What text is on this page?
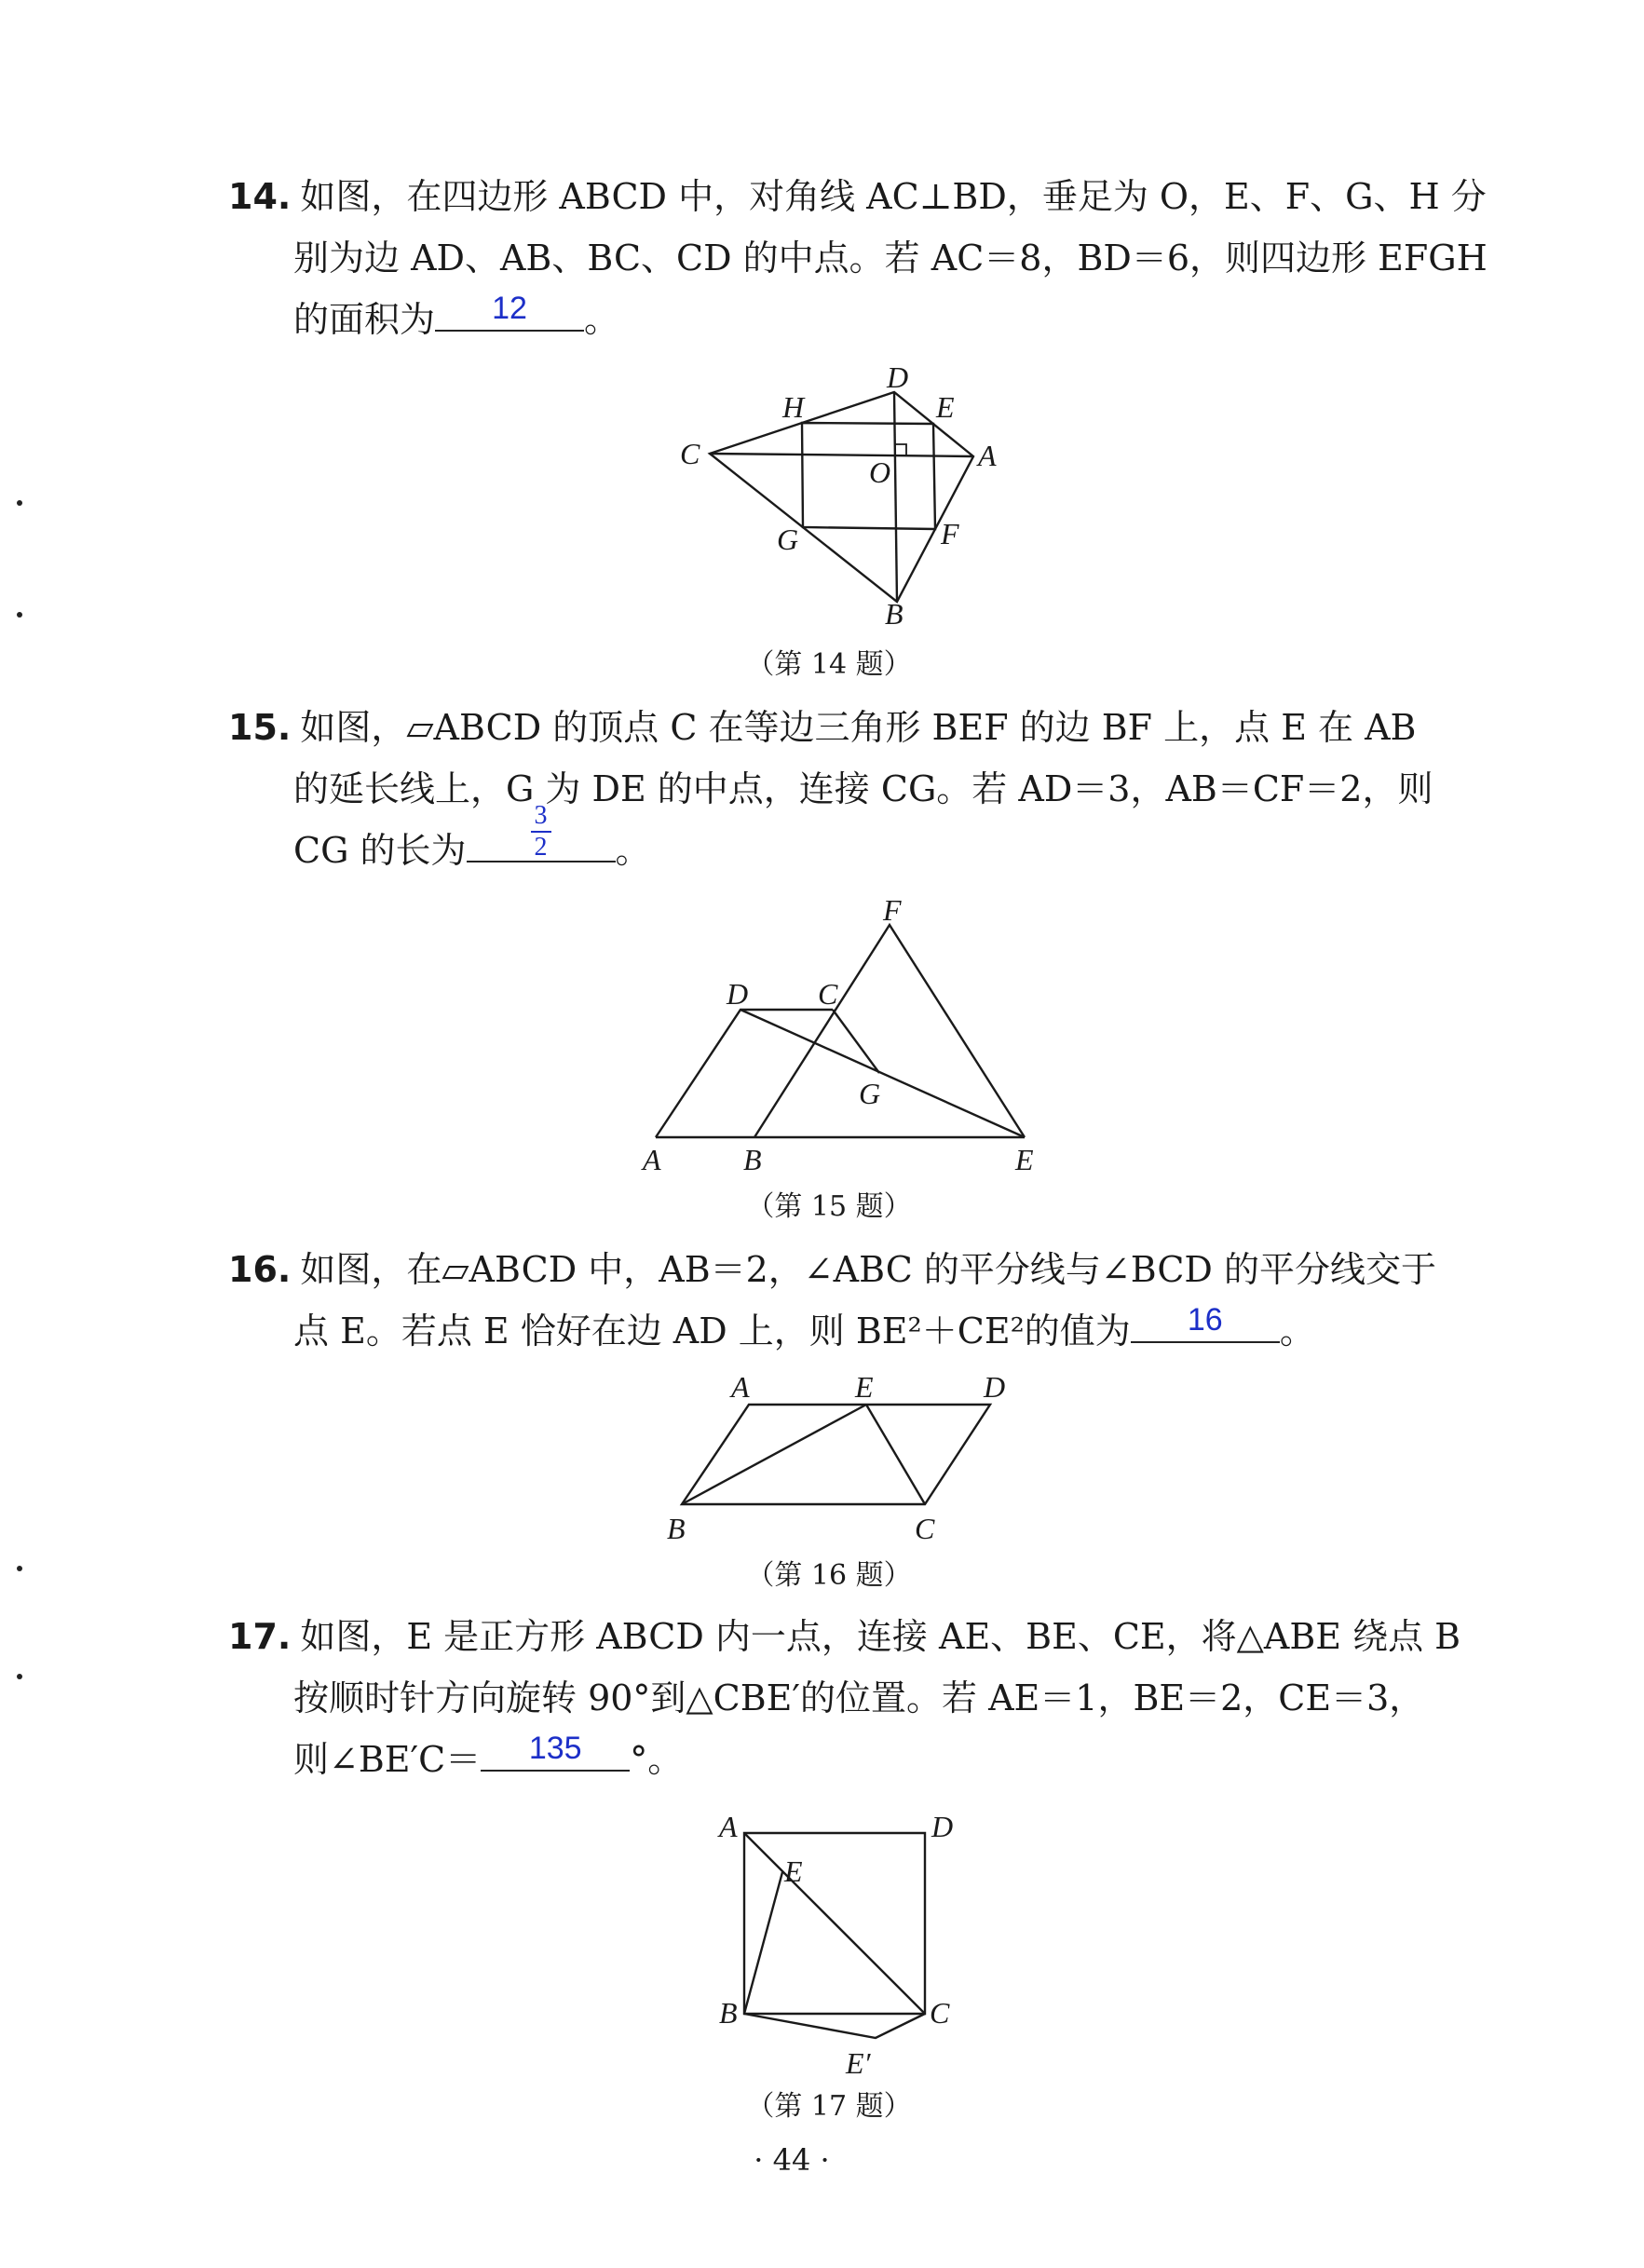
14. 如图，在四边形 ABCD 中，对角线 AC⊥BD，垂足为 O，E、F、G、H 分
别为边 AD、AB、BC、CD 的中点。若 AC＝8，BD＝6，则四边形 EFGH
的面积为	12	。
15. 如图，▱ABCD 的顶点 C 在等边三角形 BEF 的边 BF 上，点 E 在 AB
的延长线上，G 为 DE 的中点，连接 CG。若 AD＝3，AB＝CF＝2，则
CG 的长为
3
2	。
16. 如图，在▱ABCD 中，AB＝2，∠ABC 的平分线与∠BCD 的平分线交于
点 E。若点 E 恰好在边 AD 上，则 BE²＋CE²的值为	16	。
17. 如图，E 是正方形 ABCD 内一点，连接 AE、BE、CE，将△ABE 绕点 B
按顺时针方向旋转 90°到△CBE′的位置。若 AE＝1，BE＝2，CE＝3，
则∠BE′C＝	135	°。
D
H	E
C	A
O
G	F
B
F
D C
G
A	B	E
A	E	D
B	C
A	D
E
B	C
E′
（第 14 题）
（第 15 题）
（第 16 题）
（第 17 题）
· 44 ·
